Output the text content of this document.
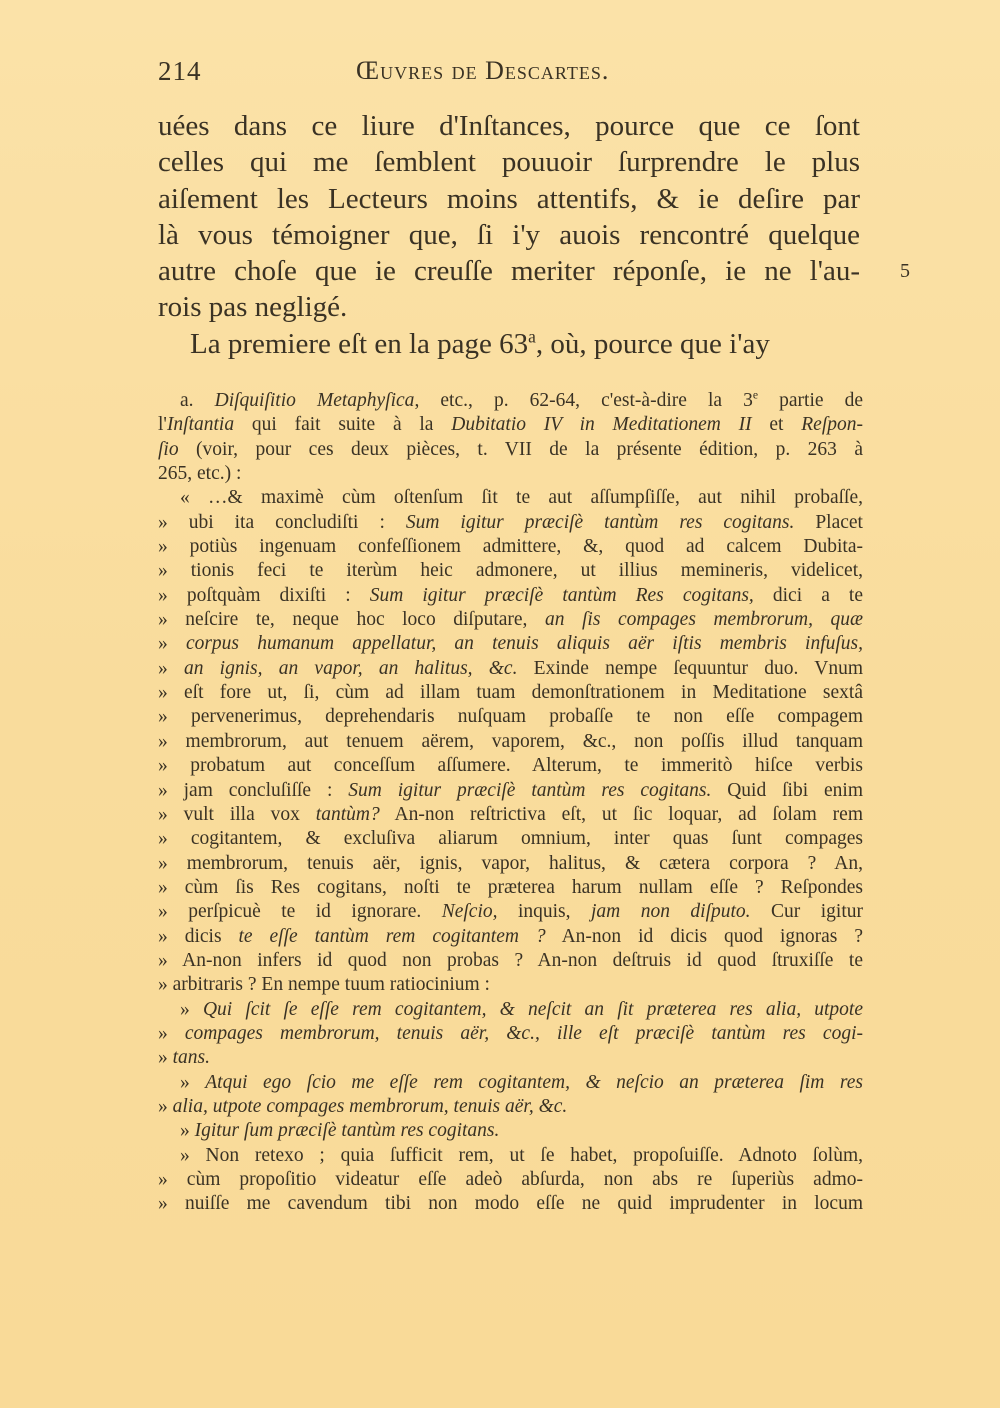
214	Œuvres de Descartes.
uées dans ce liure d'Inſtances, pource que ce ſont
celles qui me ſemblent pouuoir ſurprendre le plus
aiſement les Lecteurs moins attentifs, & ie deſire par
là vous témoigner que, ſi i'y auois rencontré quelque
autre choſe que ie creuſſe meriter réponſe, ie ne l'au-
rois pas negligé.
La premiere eſt en la page 63$^a$, où, pource que i'ay
5
a. Diſquiſitio Metaphyſica, etc., p. 62-64, c'est-à-dire la 3e partie de
l'Inſtantia qui fait suite à la Dubitatio IV in Meditationem II et Reſpon-
ſio (voir, pour ces deux pièces, t. VII de la présente édition, p. 263 à
265, etc.) :
« …& maximè cùm oſtenſum ſit te aut aſſumpſiſſe, aut nihil probaſſe,
» ubi ita concludiſti : Sum igitur præciſè tantùm res cogitans. Placet
» potiùs ingenuam confeſſionem admittere, &, quod ad calcem Dubita-
» tionis feci te iterùm heic admonere, ut illius memineris, videlicet,
» poſtquàm dixiſti : Sum igitur præciſè tantùm Res cogitans, dici a te
» neſcire te, neque hoc loco diſputare, an ſis compages membrorum, quæ
» corpus humanum appellatur, an tenuis aliquis aër iſtis membris infuſus,
» an ignis, an vapor, an halitus, &c. Exinde nempe ſequuntur duo. Vnum
» eſt fore ut, ſi, cùm ad illam tuam demonſtrationem in Meditatione sextâ
» pervenerimus, deprehendaris nuſquam probaſſe te non eſſe compagem
» membrorum, aut tenuem aërem, vaporem, &c., non poſſis illud tanquam
» probatum aut conceſſum aſſumere. Alterum, te immeritò hiſce verbis
» jam concluſiſſe : Sum igitur præciſè tantùm res cogitans. Quid ſibi enim
» vult illa vox tantùm? An-non reſtrictiva eſt, ut ſic loquar, ad ſolam rem
» cogitantem, & excluſiva aliarum omnium, inter quas ſunt compages
» membrorum, tenuis aër, ignis, vapor, halitus, & cætera corpora ? An,
» cùm ſis Res cogitans, noſti te præterea harum nullam eſſe ? Reſpondes
» perſpicuè te id ignorare. Neſcio, inquis, jam non diſputo. Cur igitur
» dicis te eſſe tantùm rem cogitantem ? An-non id dicis quod ignoras ?
» An-non infers id quod non probas ? An-non deſtruis id quod ſtruxiſſe te
» arbitraris ? En nempe tuum ratiocinium :
» Qui ſcit ſe eſſe rem cogitantem, & neſcit an ſit præterea res alia, utpote
» compages membrorum, tenuis aër, &c., ille eſt præciſè tantùm res cogi-
» tans.
» Atqui ego ſcio me eſſe rem cogitantem, & neſcio an præterea ſim res
» alia, utpote compages membrorum, tenuis aër, &c.
» Igitur ſum præciſè tantùm res cogitans.
» Non retexo ; quia ſufficit rem, ut ſe habet, propoſuiſſe. Adnoto ſolùm,
» cùm propoſitio videatur eſſe adeò abſurda, non abs re ſuperiùs admo-
» nuiſſe me cavendum tibi non modo eſſe ne quid imprudenter in locum
